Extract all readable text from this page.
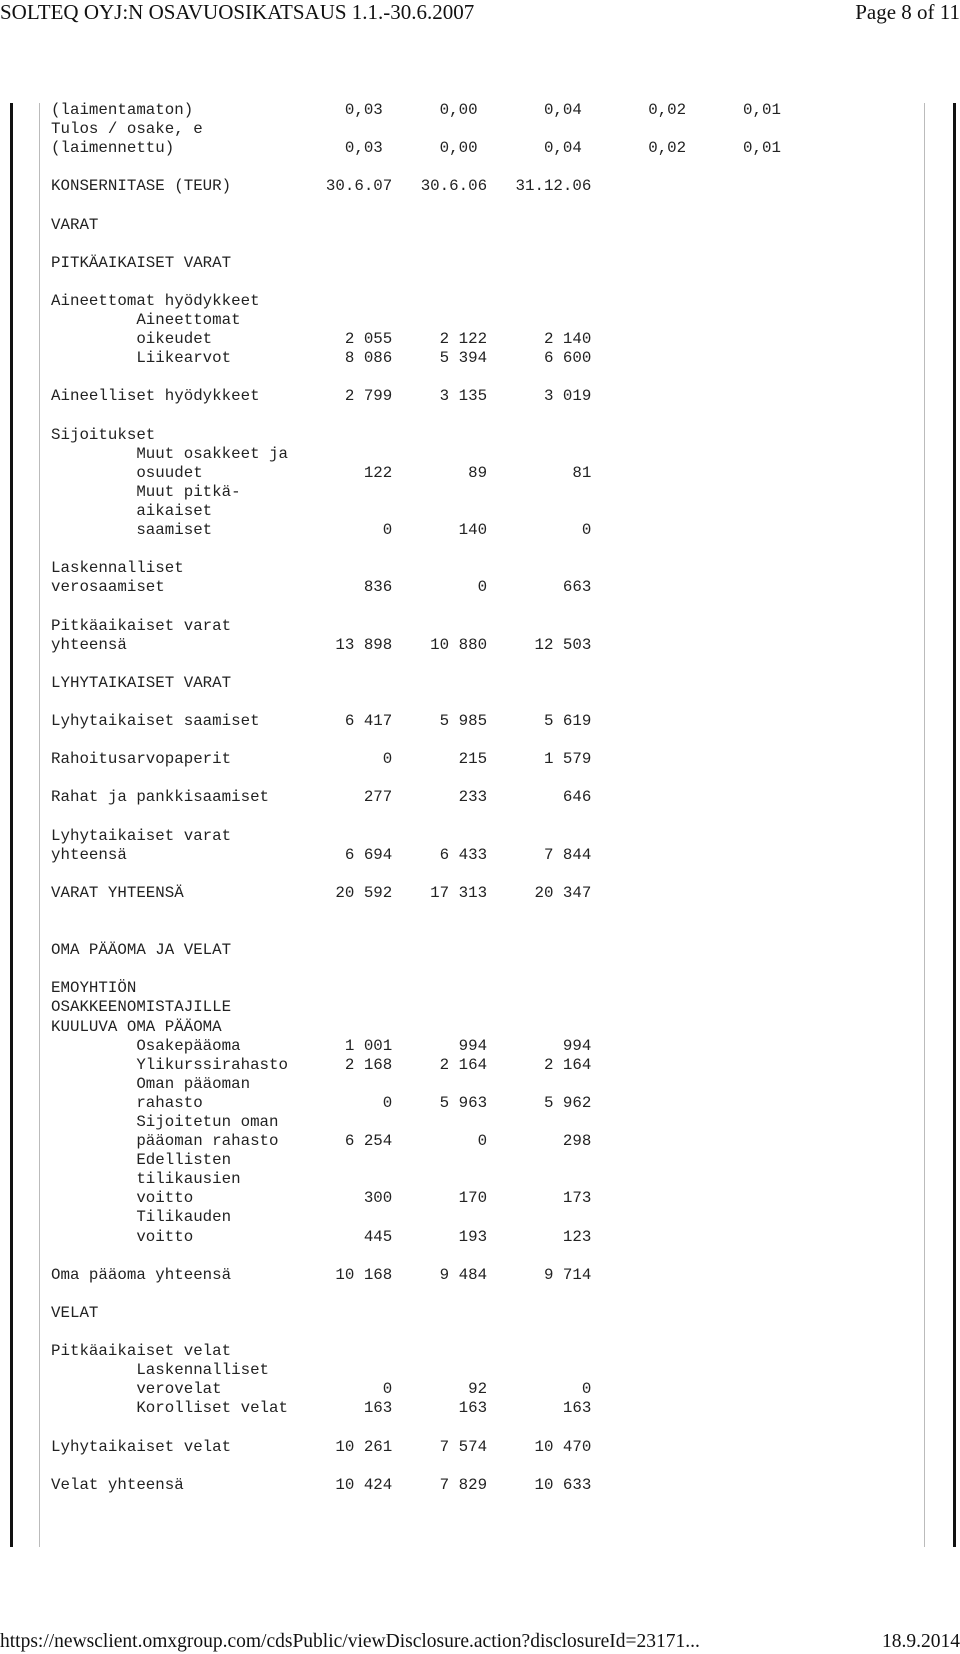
SOLTEQ OYJ:N OSAVUOSIKATSAUS 1.1.-30.6.2007	Page 8 of 11
(laimentamaton)                0,03      0,00       0,04       0,02      0,01
Tulos / osake, e
(laimennettu)                  0,03      0,00       0,04       0,02      0,01
KONSERNITASE (TEUR)          30.6.07   30.6.06   31.12.06
VARAT
PITKÄAIKAISET VARAT
Aineettomat hyödykkeet
Aineettomat
oikeudet              2 055     2 122      2 140
Liikearvot            8 086     5 394      6 600
Aineelliset hyödykkeet         2 799     3 135      3 019
Sijoitukset
Muut osakkeet ja
osuudet                 122        89         81
Muut pitkä-
aikaiset
saamiset                  0       140          0
Laskennalliset
verosaamiset                     836         0        663
Pitkäaikaiset varat
yhteensä                      13 898    10 880     12 503
LYHYTAIKAISET VARAT
Lyhytaikaiset saamiset         6 417     5 985      5 619
Rahoitusarvopaperit                0       215      1 579
Rahat ja pankkisaamiset          277       233        646
Lyhytaikaiset varat
yhteensä                       6 694     6 433      7 844
VARAT YHTEENSÄ                20 592    17 313     20 347
OMA PÄÄOMA JA VELAT
EMOYHTIÖN
OSAKKEENOMISTAJILLE
KUULUVA OMA PÄÄOMA
Osakepääoma           1 001       994        994
Ylikurssirahasto      2 168     2 164      2 164
Oman pääoman
rahasto                   0     5 963      5 962
Sijoitetun oman
pääoman rahasto       6 254         0        298
Edellisten
tilikausien
voitto                  300       170        173
Tilikauden
voitto                  445       193        123
Oma pääoma yhteensä           10 168     9 484      9 714
VELAT
Pitkäaikaiset velat
Laskennalliset
verovelat                 0        92          0
Korolliset velat        163       163        163
Lyhytaikaiset velat           10 261     7 574     10 470
Velat yhteensä                10 424     7 829     10 633
https://newsclient.omxgroup.com/cdsPublic/viewDisclosure.action?disclosureId=23171...	18.9.2014
